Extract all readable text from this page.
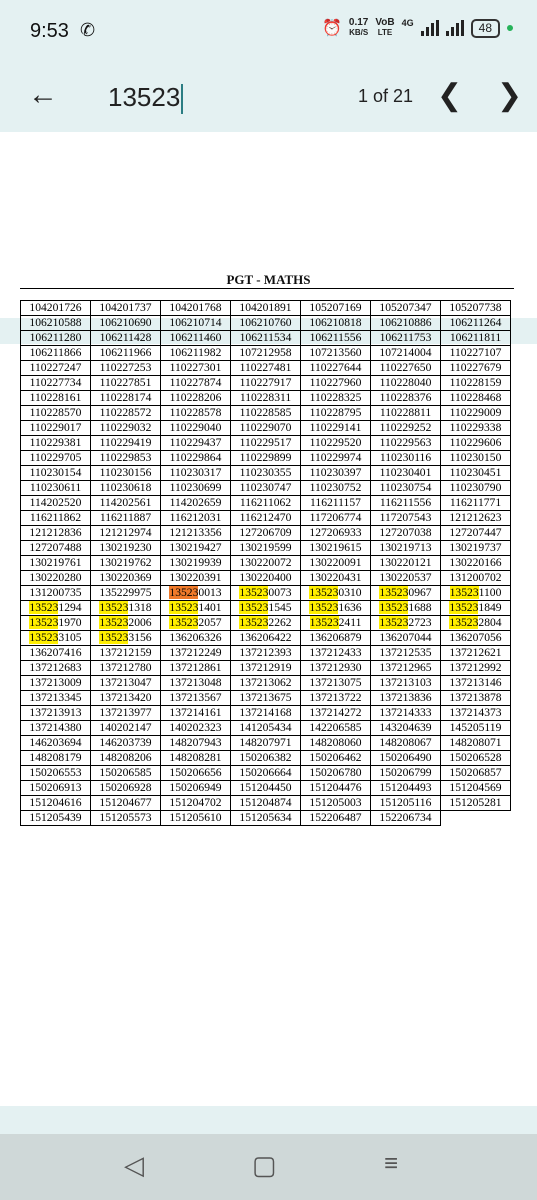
9:53 ✆	⏰ 0.17
KB/S
VoB
LTE
4G	48
← 13523	1 of 21 ❮ ❯
PGT - MATHS
104201726	104201737	104201768	104201891	105207169	105207347	105207738
106210588	106210690	106210714	106210760	106210818	106210886	106211264
106211280	106211428	106211460	106211534	106211556	106211753	106211811
106211866	106211966	106211982	107212958	107213560	107214004	110227107
110227247	110227253	110227301	110227481	110227644	110227650	110227679
110227734	110227851	110227874	110227917	110227960	110228040	110228159
110228161	110228174	110228206	110228311	110228325	110228376	110228468
110228570	110228572	110228578	110228585	110228795	110228811	110229009
110229017	110229032	110229040	110229070	110229141	110229252	110229338
110229381	110229419	110229437	110229517	110229520	110229563	110229606
110229705	110229853	110229864	110229899	110229974	110230116	110230150
110230154	110230156	110230317	110230355	110230397	110230401	110230451
110230611	110230618	110230699	110230747	110230752	110230754	110230790
114202520	114202561	114202659	116211062	116211157	116211556	116211771
116211862	116211887	116212031	116212470	117206774	117207543	121212623
121212836	121212974	121213356	127206709	127206933	127207038	127207447
127207488	130219230	130219427	130219599	130219615	130219713	130219737
130219761	130219762	130219939	130220072	130220091	130220121	130220166
130220280	130220369	130220391	130220400	130220431	130220537	131200702
131200735	135229975	135230013	135230073	135230310	135230967	135231100
135231294	135231318	135231401	135231545	135231636	135231688	135231849
135231970	135232006	135232057	135232262	135232411	135232723	135232804
135233105	135233156	136206326	136206422	136206879	136207044	136207056
136207416	137212159	137212249	137212393	137212433	137212535	137212621
137212683	137212780	137212861	137212919	137212930	137212965	137212992
137213009	137213047	137213048	137213062	137213075	137213103	137213146
137213345	137213420	137213567	137213675	137213722	137213836	137213878
137213913	137213977	137214161	137214168	137214272	137214333	137214373
137214380	140202147	140202323	141205434	142206585	143204639	145205119
146203694	146203739	148207943	148207971	148208060	148208067	148208071
148208179	148208206	148208281	150206382	150206462	150206490	150206528
150206553	150206585	150206656	150206664	150206780	150206799	150206857
150206913	150206928	150206949	151204450	151204476	151204493	151204569
151204616	151204677	151204702	151204874	151205003	151205116	151205281
151205439	151205573	151205610	151205634	152206487	152206734	
◁	▢	≡
